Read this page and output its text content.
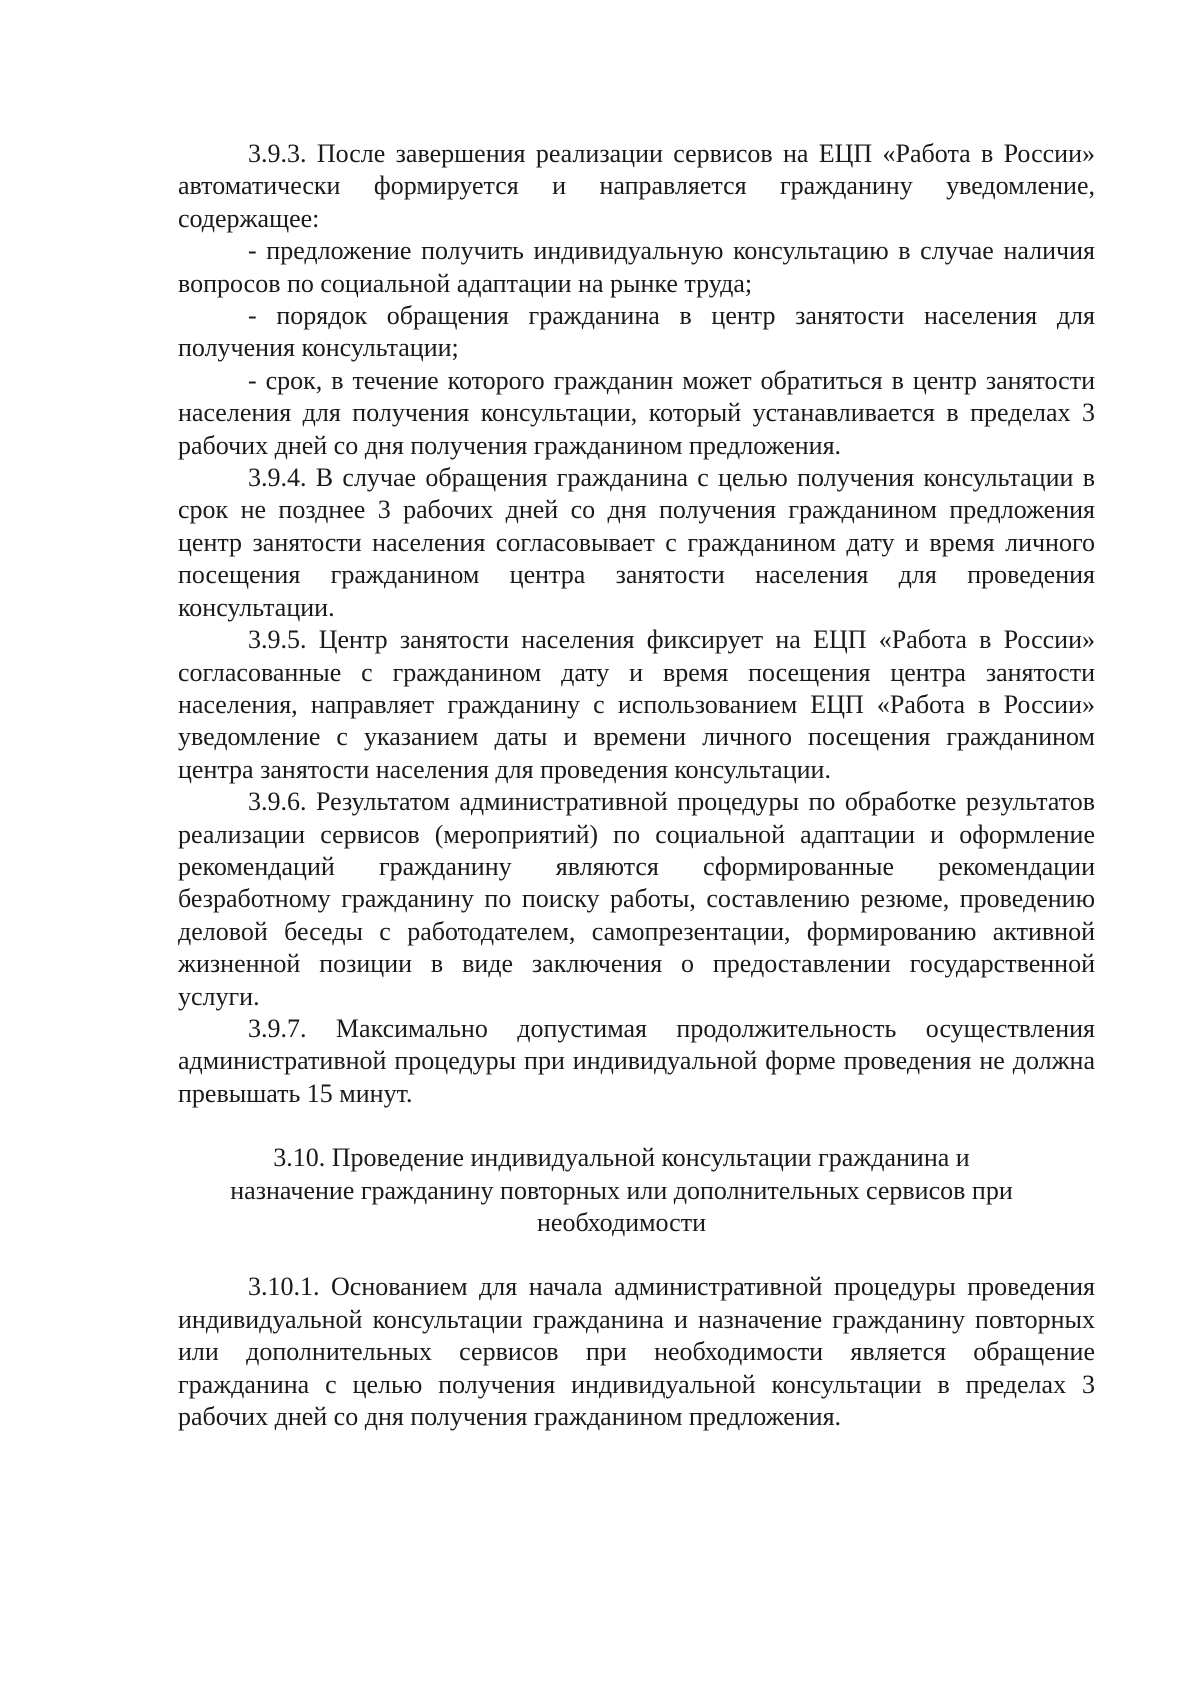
3.9.3. После завершения реализации сервисов на ЕЦП «Работа в России» автоматически формируется и направляется гражданину уведомление, содержащее:

- предложение получить индивидуальную консультацию в случае наличия вопросов по социальной адаптации на рынке труда;

- порядок обращения гражданина в центр занятости населения для получения консультации;

- срок, в течение которого гражданин может обратиться в центр занятости населения для получения консультации, который устанавливается в пределах 3 рабочих дней со дня получения гражданином предложения.

3.9.4. В случае обращения гражданина с целью получения консультации в срок не позднее 3 рабочих дней со дня получения гражданином предложения центр занятости населения согласовывает с гражданином дату и время личного посещения гражданином центра занятости населения для проведения консультации.

3.9.5. Центр занятости населения фиксирует на ЕЦП «Работа в России» согласованные с гражданином дату и время посещения центра занятости населения, направляет гражданину с использованием ЕЦП «Работа в России» уведомление с указанием даты и времени личного посещения гражданином центра занятости населения для проведения консультации.

3.9.6. Результатом административной процедуры по обработке результатов реализации сервисов (мероприятий) по социальной адаптации и оформление рекомендаций гражданину являются сформированные рекомендации безработному гражданину по поиску работы, составлению резюме, проведению деловой беседы с работодателем, самопрезентации, формированию активной жизненной позиции в виде заключения о предоставлении государственной услуги.

3.9.7. Максимально допустимая продолжительность осуществления административной процедуры при индивидуальной форме проведения не должна превышать 15 минут.

3.10. Проведение индивидуальной консультации гражданина и

назначение гражданину повторных или дополнительных сервисов при

необходимости

3.10.1. Основанием для начала административной процедуры проведения индивидуальной консультации гражданина и назначение гражданину повторных или дополнительных сервисов при необходимости является обращение гражданина с целью получения индивидуальной консультации в пределах 3 рабочих дней со дня получения гражданином предложения.
